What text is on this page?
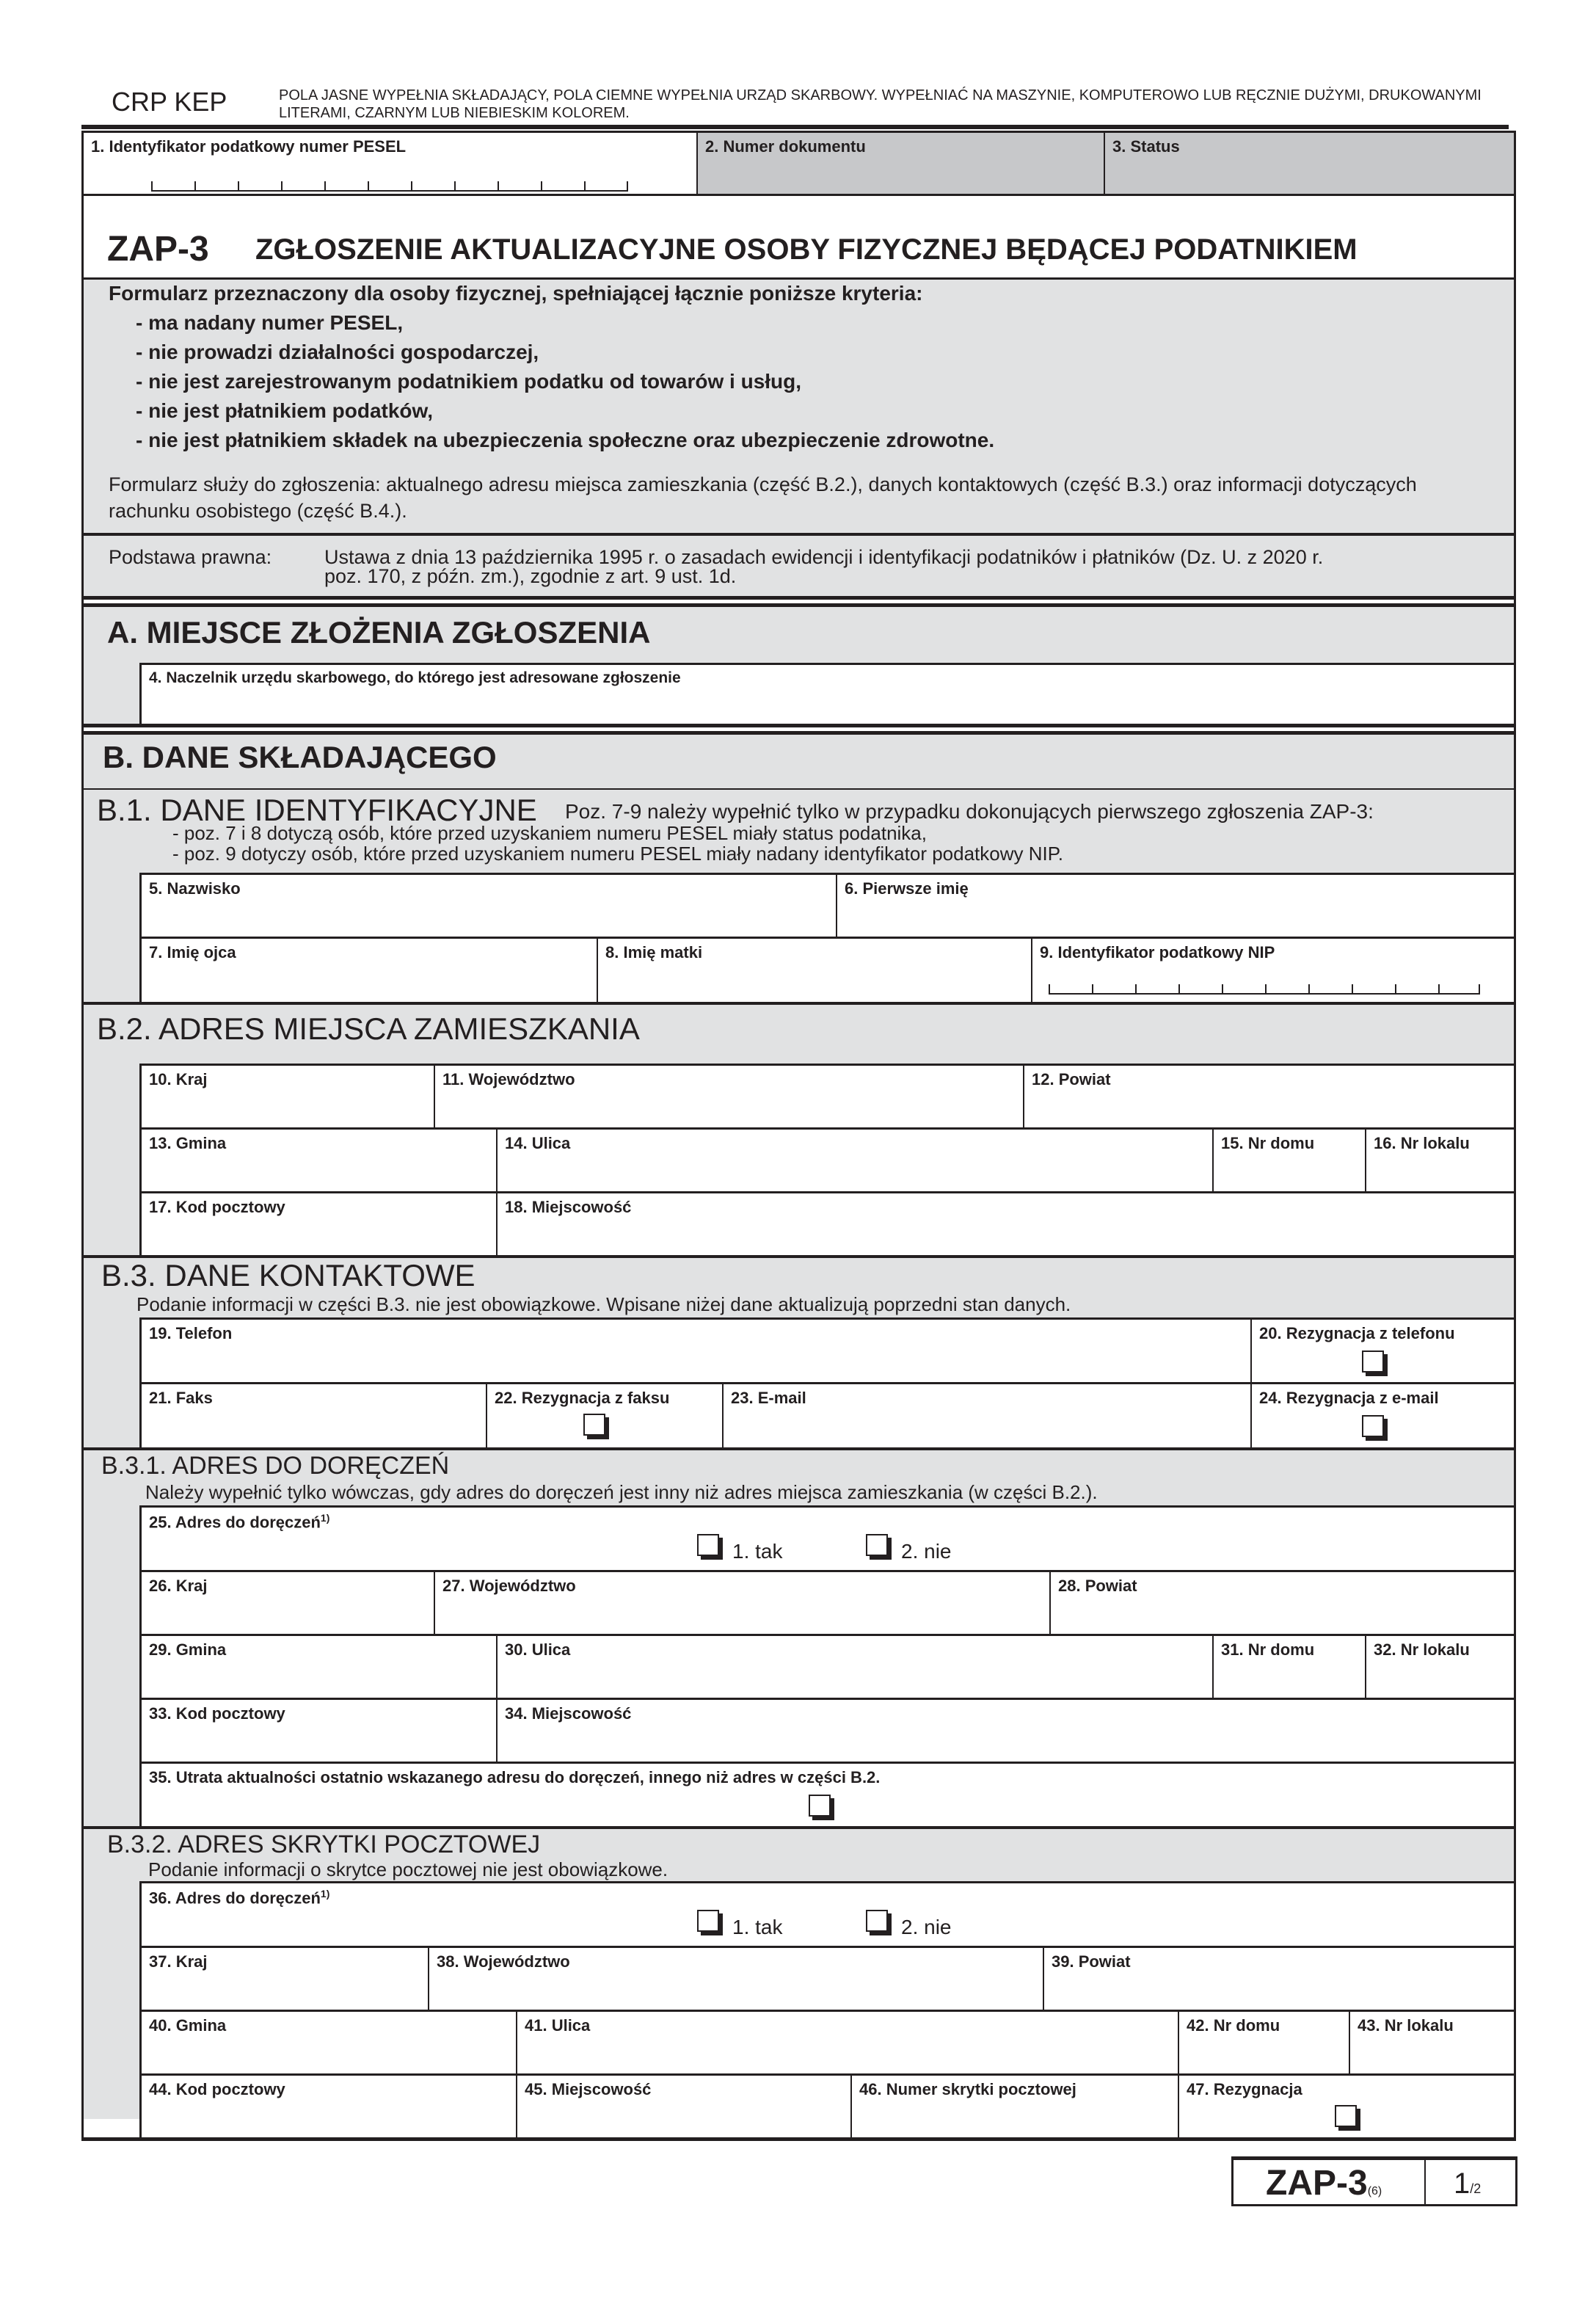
CRP KEP	POLA JASNE WYPEŁNIA SKŁADAJĄCY, POLA CIEMNE WYPEŁNIA URZĄD SKARBOWY. WYPEŁNIAĆ NA MASZYNIE, KOMPUTEROWO LUB RĘCZNIE DUŻYMI, DRUKOWANYMI LITERAMI, CZARNYM LUB NIEBIESKIM KOLOREM.
1. Identyfikator podatkowy numer PESEL	2. Numer dokumentu	3. Status
ZAP-3 ZGŁOSZENIE AKTUALIZACYJNE OSOBY FIZYCZNEJ BĘDĄCEJ PODATNIKIEM
Formularz przeznaczony dla osoby fizycznej, spełniającej łącznie poniższe kryteria:
- ma nadany numer PESEL,
- nie prowadzi działalności gospodarczej,
- nie jest zarejestrowanym podatnikiem podatku od towarów i usług,
- nie jest płatnikiem podatków,
- nie jest płatnikiem składek na ubezpieczenia społeczne oraz ubezpieczenie zdrowotne.
Formularz służy do zgłoszenia: aktualnego adresu miejsca zamieszkania (część B.2.), danych kontaktowych (część B.3.) oraz informacji dotyczących rachunku osobistego (część B.4.).
Podstawa prawna:	Ustawa z dnia 13 października 1995 r. o zasadach ewidencji i identyfikacji podatników i płatników (Dz. U. z 2020 r.
poz. 170, z późn. zm.), zgodnie z art. 9 ust. 1d.
A. MIEJSCE ZŁOŻENIA ZGŁOSZENIA
4. Naczelnik urzędu skarbowego, do którego jest adresowane zgłoszenie
B. DANE SKŁADAJĄCEGO
B.1. DANE IDENTYFIKACYJNE Poz. 7-9 należy wypełnić tylko w przypadku dokonujących pierwszego zgłoszenia ZAP-3:
- poz. 7 i 8 dotyczą osób, które przed uzyskaniem numeru PESEL miały status podatnika,
- poz. 9 dotyczy osób, które przed uzyskaniem numeru PESEL miały nadany identyfikator podatkowy NIP.
5. Nazwisko	6. Pierwsze imię
7. Imię ojca	8. Imię matki	9. Identyfikator podatkowy NIP
B.2. ADRES MIEJSCA ZAMIESZKANIA
10. Kraj	11. Województwo	12. Powiat
13. Gmina	14. Ulica	15. Nr domu	16. Nr lokalu
17. Kod pocztowy	18. Miejscowość
B.3. DANE KONTAKTOWE
Podanie informacji w części B.3. nie jest obowiązkowe. Wpisane niżej dane aktualizują poprzedni stan danych.
19. Telefon	20. Rezygnacja z telefonu
21. Faks	22. Rezygnacja z faksu	23. E-mail	24. Rezygnacja z e-mail
B.3.1. ADRES DO DORĘCZEŃ
Należy wypełnić tylko wówczas, gdy adres do doręczeń jest inny niż adres miejsca zamieszkania (w części B.2.).
25. Adres do doręczeń$^{1)}$
1. tak	2. nie
26. Kraj	27. Województwo	28. Powiat
29. Gmina	30. Ulica	31. Nr domu	32. Nr lokalu
33. Kod pocztowy	34. Miejscowość
35. Utrata aktualności ostatnio wskazanego adresu do doręczeń, innego niż adres w części B.2.
B.3.2. ADRES SKRYTKI POCZTOWEJ
Podanie informacji o skrytce pocztowej nie jest obowiązkowe.
36. Adres do doręczeń$^{1)}$
1. tak	2. nie
37. Kraj	38. Województwo	39. Powiat
40. Gmina	41. Ulica	42. Nr domu	43. Nr lokalu
44. Kod pocztowy	45. Miejscowość	46. Numer skrytki pocztowej	47. Rezygnacja
ZAP-3(6) 1/2
